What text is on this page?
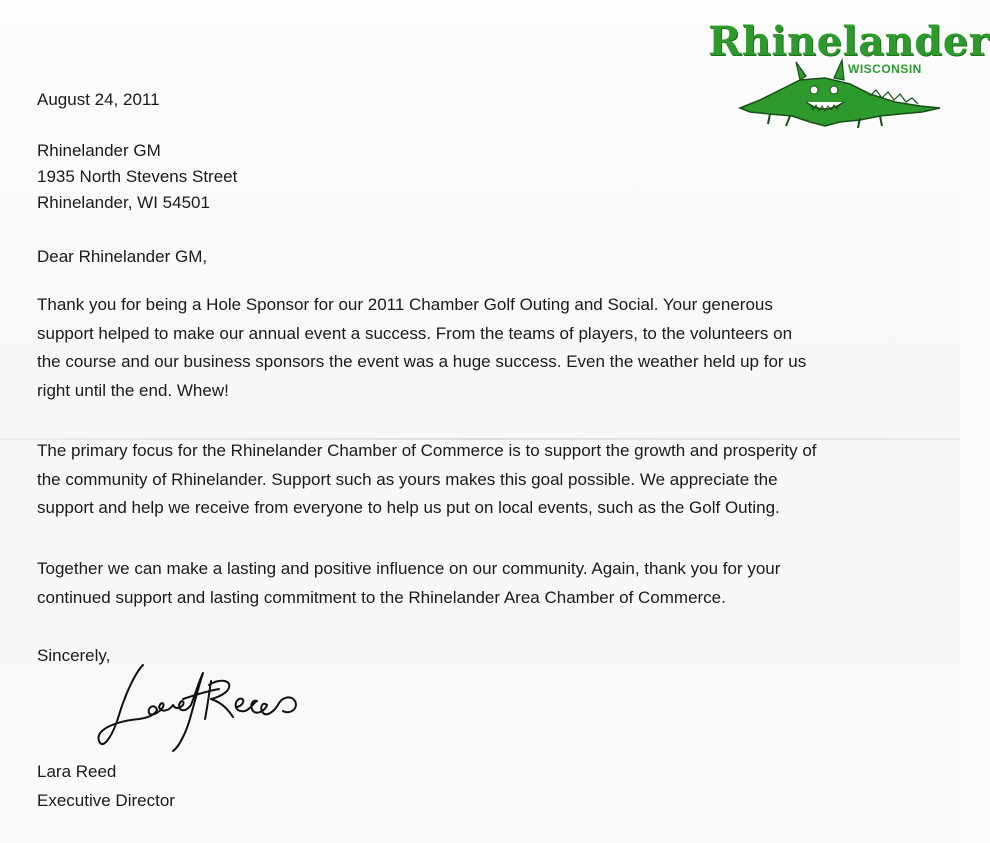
Rhinelander
WISCONSIN
August 24, 2011
Rhinelander GM
1935 North Stevens Street
Rhinelander, WI 54501
Dear Rhinelander GM,
Thank you for being a Hole Sponsor for our 2011 Chamber Golf Outing and Social. Your generous
support helped to make our annual event a success. From the teams of players, to the volunteers on
the course and our business sponsors the event was a huge success. Even the weather held up for us
right until the end. Whew!
The primary focus for the Rhinelander Chamber of Commerce is to support the growth and prosperity of
the community of Rhinelander. Support such as yours makes this goal possible. We appreciate the
support and help we receive from everyone to help us put on local events, such as the Golf Outing.
Together we can make a lasting and positive influence on our community. Again, thank you for your
continued support and lasting commitment to the Rhinelander Area Chamber of Commerce.
Sincerely,
Lara Reed
Executive Director
